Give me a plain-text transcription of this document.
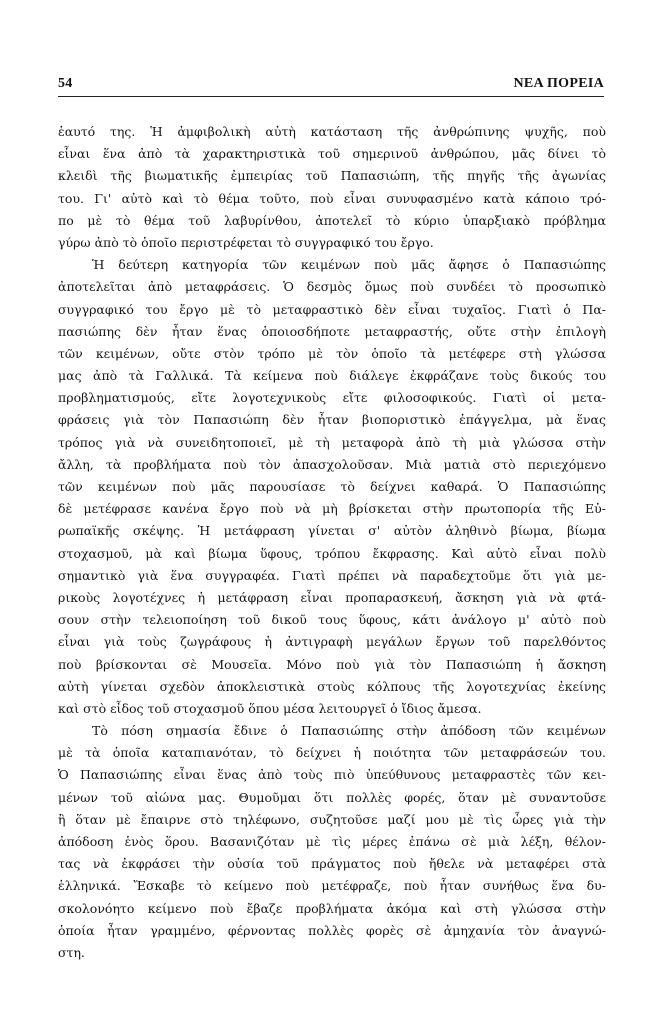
54	ΝΕΑ ΠΟΡΕΙΑ
ἑαυτό της. Ἡ ἀμφιβολικὴ αὐτὴ κατάσταση τῆς ἀνθρώπινης ψυχῆς, ποὺ
εἶναι ἕνα ἀπὸ τὰ χαρακτηριστικὰ τοῦ σημερινοῦ ἀνθρώπου, μᾶς δίνει τὸ
κλειδὶ τῆς βιωματικῆς ἐμπειρίας τοῦ Παπασιώπη, τῆς πηγῆς τῆς ἀγωνίας
του. Γι' αὐτὸ καὶ τὸ θέμα τοῦτο, ποὺ εἶναι συνυφασμένο κατὰ κάποιο τρό-
πο μὲ τὸ θέμα τοῦ λαβυρίνθου, ἀποτελεῖ τὸ κύριο ὑπαρξιακὸ πρόβλημα
γύρω ἀπὸ τὸ ὁποῖο περιστρέφεται τὸ συγγραφικό του ἔργο.
Ἡ δεύτερη κατηγορία τῶν κειμένων ποὺ μᾶς ἄφησε ὁ Παπασιώπης
ἀποτελεῖται ἀπὸ μεταφράσεις. Ὁ δεσμὸς ὅμως ποὺ συνδέει τὸ προσωπικὸ
συγγραφικό του ἔργο μὲ τὸ μεταφραστικὸ δὲν εἶναι τυχαῖος. Γιατὶ ὁ Πα-
πασιώπης δὲν ἦταν ἕνας ὁποιοσδήποτε μεταφραστής, οὔτε στὴν ἐπιλογὴ
τῶν κειμένων, οὔτε στὸν τρόπο μὲ τὸν ὁποῖο τὰ μετέφερε στὴ γλώσσα
μας ἀπὸ τὰ Γαλλικά. Τὰ κείμενα ποὺ διάλεγε ἐκφράζανε τοὺς δικούς του
προβληματισμούς, εἴτε λογοτεχνικοὺς εἴτε φιλοσοφικούς. Γιατὶ οἱ μετα-
φράσεις γιὰ τὸν Παπασιώπη δὲν ἦταν βιοποριστικὸ ἐπάγγελμα, μὰ ἕνας
τρόπος γιὰ νὰ συνειδητοποιεῖ, μὲ τὴ μεταφορὰ ἀπὸ τὴ μιὰ γλώσσα στὴν
ἄλλη, τὰ προβλήματα ποὺ τὸν ἀπασχολοῦσαν. Μιὰ ματιὰ στὸ περιεχόμενο
τῶν κειμένων ποὺ μᾶς παρουσίασε τὸ δείχνει καθαρά. Ὁ Παπασιώπης
δὲ μετέφρασε κανένα ἔργο ποὺ νὰ μὴ βρίσκεται στὴν πρωτοπορία τῆς Εὐ-
ρωπαϊκῆς σκέψης. Ἡ μετάφραση γίνεται σ' αὐτὸν ἀληθινὸ βίωμα, βίωμα
στοχασμοῦ, μὰ καὶ βίωμα ὕφους, τρόπου ἔκφρασης. Καὶ αὐτὸ εἶναι πολὺ
σημαντικὸ γιὰ ἕνα συγγραφέα. Γιατὶ πρέπει νὰ παραδεχτοῦμε ὅτι γιὰ με-
ρικοὺς λογοτέχνες ἡ μετάφραση εἶναι προπαρασκευή, ἄσκηση γιὰ νὰ φτά-
σουν στὴν τελειοποίηση τοῦ δικοῦ τους ὕφους, κάτι ἀνάλογο μ' αὐτὸ ποὺ
εἶναι γιὰ τοὺς ζωγράφους ἡ ἀντιγραφὴ μεγάλων ἔργων τοῦ παρελθόντος
ποὺ βρίσκονται σὲ Μουσεῖα. Μόνο ποὺ γιὰ τὸν Παπασιώπη ἡ ἄσκηση
αὐτὴ γίνεται σχεδὸν ἀποκλειστικὰ στοὺς κόλπους τῆς λογοτεχνίας ἐκείνης
καὶ στὸ εἶδος τοῦ στοχασμοῦ ὅπου μέσα λειτουργεῖ ὁ ἴδιος ἄμεσα.
Τὸ πόση σημασία ἔδινε ὁ Παπασιώπης στὴν ἀπόδοση τῶν κειμένων
μὲ τὰ ὁποῖα καταπιανόταν, τὸ δείχνει ἡ ποιότητα τῶν μεταφράσεών του.
Ὁ Παπασιώπης εἶναι ἕνας ἀπὸ τοὺς πιὸ ὑπεύθυνους μεταφραστὲς τῶν κει-
μένων τοῦ αἰώνα μας. Θυμοῦμαι ὅτι πολλὲς φορές, ὅταν μὲ συναντοῦσε
ἢ ὅταν μὲ ἔπαιρνε στὸ τηλέφωνο, συζητοῦσε μαζί μου μὲ τὶς ὧρες γιὰ τὴν
ἀπόδοση ἑνὸς ὅρου. Βασανιζόταν μὲ τὶς μέρες ἐπάνω σὲ μιὰ λέξη, θέλον-
τας νὰ ἐκφράσει τὴν οὐσία τοῦ πράγματος ποὺ ἤθελε νὰ μεταφέρει στὰ
ἑλληνικά. Ἔσκαβε τὸ κείμενο ποὺ μετέφραζε, ποὺ ἦταν συνήθως ἕνα δυ-
σκολονόητο κείμενο ποὺ ἔβαζε προβλήματα ἀκόμα καὶ στὴ γλώσσα στὴν
ὁποία ἦταν γραμμένο, φέρνοντας πολλὲς φορὲς σὲ ἀμηχανία τὸν ἀναγνώ-
στη.
